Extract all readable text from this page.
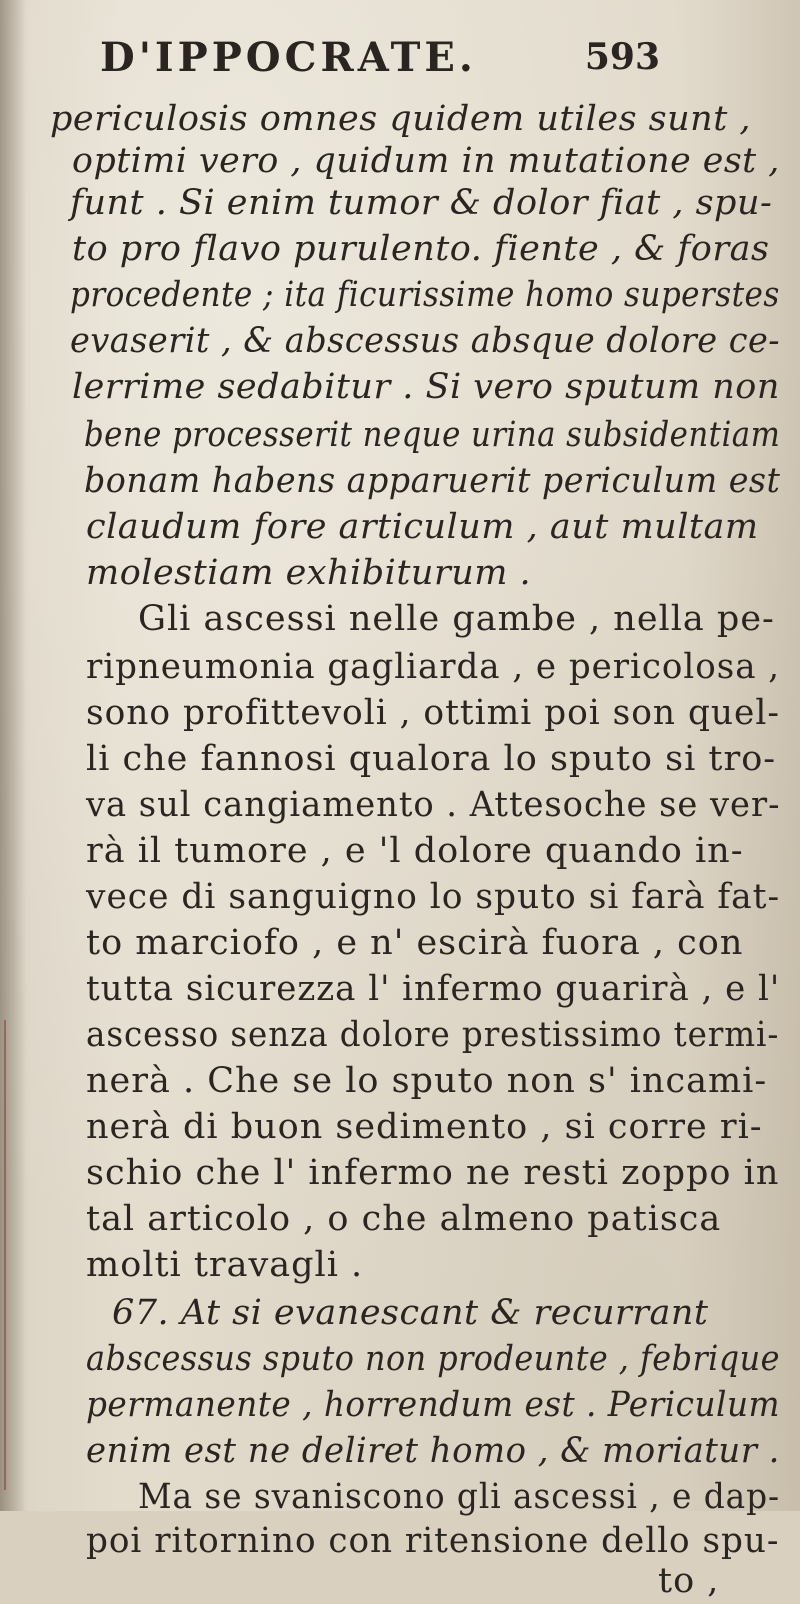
D'IPPOCRATE.	593
periculosis omnes quidem utiles sunt ,
optimi vero , quidum in mutatione est ,
funt . Si enim tumor & dolor fiat , spu-
to pro flavo purulento. fiente , & foras
procedente ; ita ficurissime homo superstes
evaserit , & abscessus absque dolore ce-
lerrime sedabitur . Si vero sputum non
bene processerit neque urina subsidentiam
bonam habens apparuerit periculum est
claudum fore articulum , aut multam
molestiam exhibiturum .
Gli ascessi nelle gambe , nella pe-
ripneumonia gagliarda , e pericolosa ,
sono profittevoli , ottimi poi son quel-
li che fannosi qualora lo sputo si tro-
va sul cangiamento . Attesoche se ver-
rà il tumore , e 'l dolore quando in-
vece di sanguigno lo sputo si farà fat-
to marciofo , e n' escirà fuora , con
tutta sicurezza l' infermo guarirà , e l'
ascesso senza dolore prestissimo termi-
nerà . Che se lo sputo non s' incami-
nerà di buon sedimento , si corre ri-
schio che l' infermo ne resti zoppo in
tal articolo , o che almeno patisca
molti travagli .
67. At si evanescant & recurrant
abscessus sputo non prodeunte , febrique
permanente , horrendum est . Periculum
enim est ne deliret homo , & moriatur .
Ma se svaniscono gli ascessi , e dap-
poi ritornino con ritensione dello spu-
to ,
